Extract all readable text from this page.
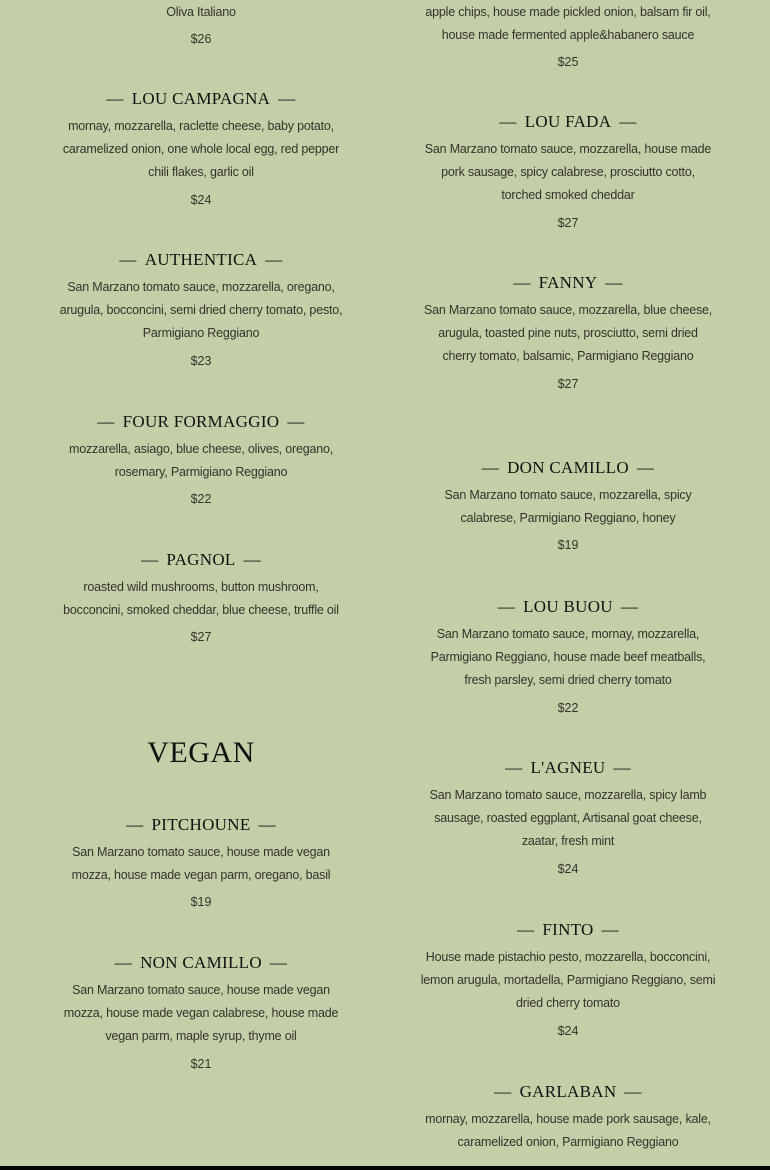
Oliva Italiano
$26
— LOU CAMPAGNA —
mornay, mozzarella, raclette cheese, baby potato, caramelized onion, one whole local egg, red pepper chili flakes, garlic oil
$24
— AUTHENTICA —
San Marzano tomato sauce, mozzarella, oregano, arugula, bocconcini, semi dried cherry tomato, pesto, Parmigiano Reggiano
$23
— FOUR FORMAGGIO —
mozzarella, asiago, blue cheese, olives, oregano, rosemary, Parmigiano Reggiano
$22
— PAGNOL —
roasted wild mushrooms, button mushroom, bocconcini, smoked cheddar, blue cheese, truffle oil
$27
VEGAN
— PITCHOUNE —
San Marzano tomato sauce, house made vegan mozza, house made vegan parm, oregano, basil
$19
— NON CAMILLO —
San Marzano tomato sauce, house made vegan mozza, house made vegan calabrese, house made vegan parm, maple syrup, thyme oil
$21
apple chips, house made pickled onion, balsam fir oil, house made fermented apple&habanero sauce
$25
— LOU FADA —
San Marzano tomato sauce, mozzarella, house made pork sausage, spicy calabrese, prosciutto cotto, torched smoked cheddar
$27
— FANNY —
San Marzano tomato sauce, mozzarella, blue cheese, arugula, toasted pine nuts, prosciutto, semi dried cherry tomato, balsamic, Parmigiano Reggiano
$27
— DON CAMILLO —
San Marzano tomato sauce, mozzarella, spicy calabrese, Parmigiano Reggiano, honey
$19
— LOU BUOU —
San Marzano tomato sauce, mornay, mozzarella, Parmigiano Reggiano, house made beef meatballs, fresh parsley, semi dried cherry tomato
$22
— L'AGNEU —
San Marzano tomato sauce, mozzarella, spicy lamb sausage, roasted eggplant, Artisanal goat cheese, zaatar, fresh mint
$24
— FINTO —
House made pistachio pesto, mozzarella, bocconcini, lemon arugula, mortadella, Parmigiano Reggiano, semi dried cherry tomato
$24
— GARLABAN —
mornay, mozzarella, house made pork sausage, kale, caramelized onion, Parmigiano Reggiano
